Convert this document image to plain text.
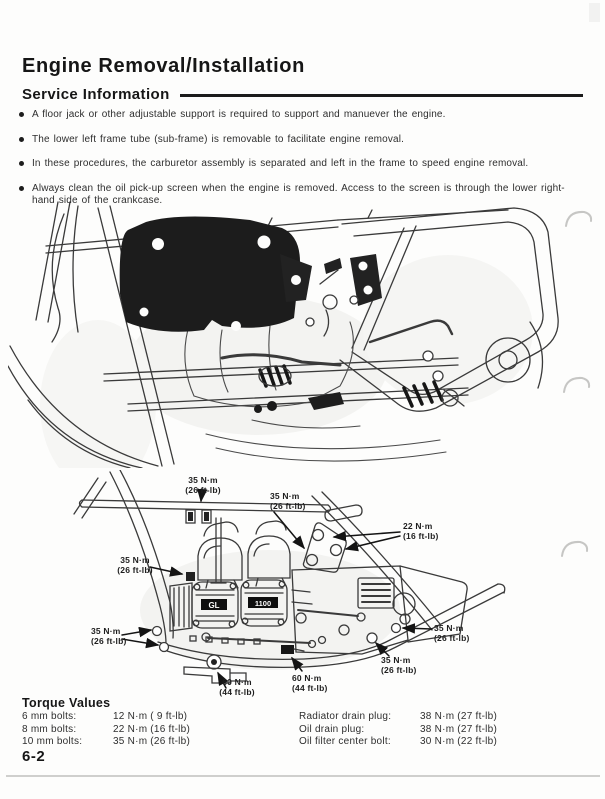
Engine Removal/Installation
Service Information
A floor jack or other adjustable support is required to support and manuever the engine.
The lower left frame tube (sub-frame) is removable to facilitate engine removal.
In these procedures, the carburetor assembly is separated and left in the frame to speed engine removal.
Always clean the oil pick-up screen when the engine is removed. Access to the screen is through the lower right-hand side of the crankcase.
GL	1100
35 N·m
(26 ft-lb)
35 N·m
(26 ft-lb)
22 N·m
(16 ft-lb)
35 N·m
(26 ft-lb)
35 N·m
(26 ft-lb)
60 N·m
(44 ft-lb)
60 N·m
(44 ft-lb)
35 N·m
(26 ft-lb)
35 N·m
(26 ft-lb)
Torque Values
6 mm bolts:	12 N·m ( 9 ft-lb)	Radiator drain plug:	38 N·m (27 ft-lb)
8 mm bolts:	22 N·m (16 ft-lb)	Oil drain plug:	38 N·m (27 ft-lb)
10 mm bolts:	35 N·m (26 ft-lb)	Oil filter center bolt:	30 N·m (22 ft-lb)
6-2
